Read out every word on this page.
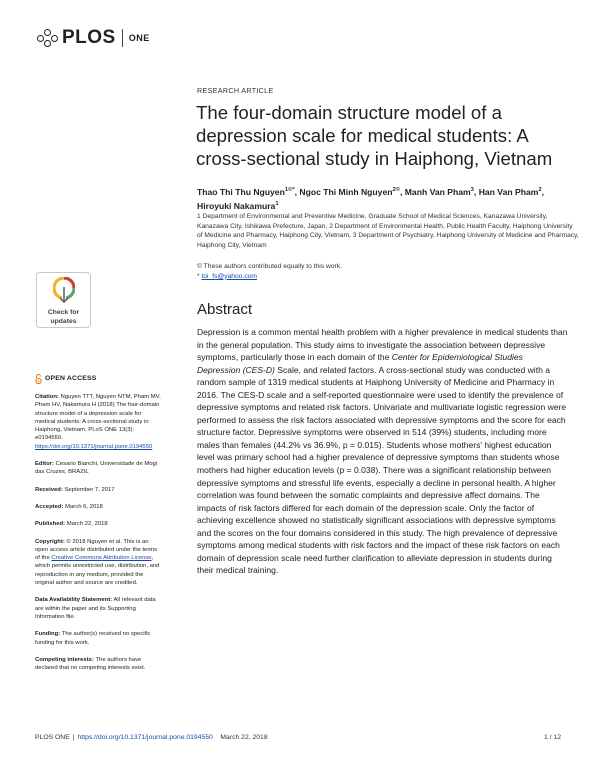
PLOS ONE
RESEARCH ARTICLE
The four-domain structure model of a depression scale for medical students: A cross-sectional study in Haiphong, Vietnam
Thao Thi Thu Nguyen$^{1©*}$, Ngoc Thi Minh Nguyen$^{2©}$, Manh Van Pham$^3$, Han Van Pham$^2$, Hiroyuki Nakamura$^1$
1 Department of Environmental and Preventive Medicine, Graduate School of Medical Sciences, Kanazawa University, Kanazawa City, Ishikawa Prefecture, Japan, 2 Department of Environmental Health, Public Health Faculty, Haiphong University of Medicine and Pharmacy, Haiphong City, Vietnam, 3 Department of Psychiatry, Haiphong University of Medicine and Pharmacy, Haiphong City, Vietnam
© These authors contributed equally to this work.
* toi_fs@yahoo.com
Abstract

Depression is a common mental health problem with a higher prevalence in medical students than in the general population. This study aims to investigate the association between depressive symptoms, particularly those in each domain of the Center for Epidemiological Studies Depression (CES-D) Scale, and related factors. A cross-sectional study was conducted with a random sample of 1319 medical students at Haiphong University of Medicine and Pharmacy in 2016. The CES-D scale and a self-reported questionnaire were used to identify the prevalence of depressive symptoms and related risk factors. Univariate and multivariate logistic regression were performed to assess the risk factors associated with depressive symptoms and the score for each structure factor. Depressive symptoms were observed in 514 (39%) students, including more males than females (44.2% vs 36.9%, p = 0.015). Students whose mothers' highest education level was primary school had a higher prevalence of depressive symptoms than students whose mothers had higher education levels (p = 0.038). There was a significant relationship between depressive symptoms and stressful life events, especially a decline in personal health. A higher correlation was found between the somatic complaints and depressive affect domains. The impacts of risk factors differed for each domain of the depression scale. Only the factor of achieving excellence showed no statistically significant associations with depressive symptoms and the scores on the four domains considered in this study. The high prevalence of depressive symptoms among medical students with risk factors and the impact of these risk factors on each domain of depression scale need further clarification to alleviate depression in students during their medical training.

Check for
updates
OPEN ACCESS

Citation: Nguyen TTT, Nguyen NTM, Pham MV, Pham HV, Nakamura H (2018) The four-domain structure model of a depression scale for medical students: A cross-sectional study in Haiphong, Vietnam. PLoS ONE 13(3): e0194550. https://doi.org/10.1371/journal.pone.0194550

Editor: Cesario Bianchi, Universidade de Mogi das Cruzes, BRAZIL

Received: September 7, 2017

Accepted: March 6, 2018

Published: March 22, 2018

Copyright: © 2018 Nguyen et al. This is an open access article distributed under the terms of the Creative Commons Attribution License, which permits unrestricted use, distribution, and reproduction in any medium, provided the original author and source are credited.

Data Availability Statement: All relevant data are within the paper and its Supporting Information file.

Funding: The author(s) received no specific funding for this work.

Competing interests: The authors have declared that no competing interests exist.

PLOS ONE | https://doi.org/10.1371/journal.pone.0194550 March 22, 2018	1 / 12
